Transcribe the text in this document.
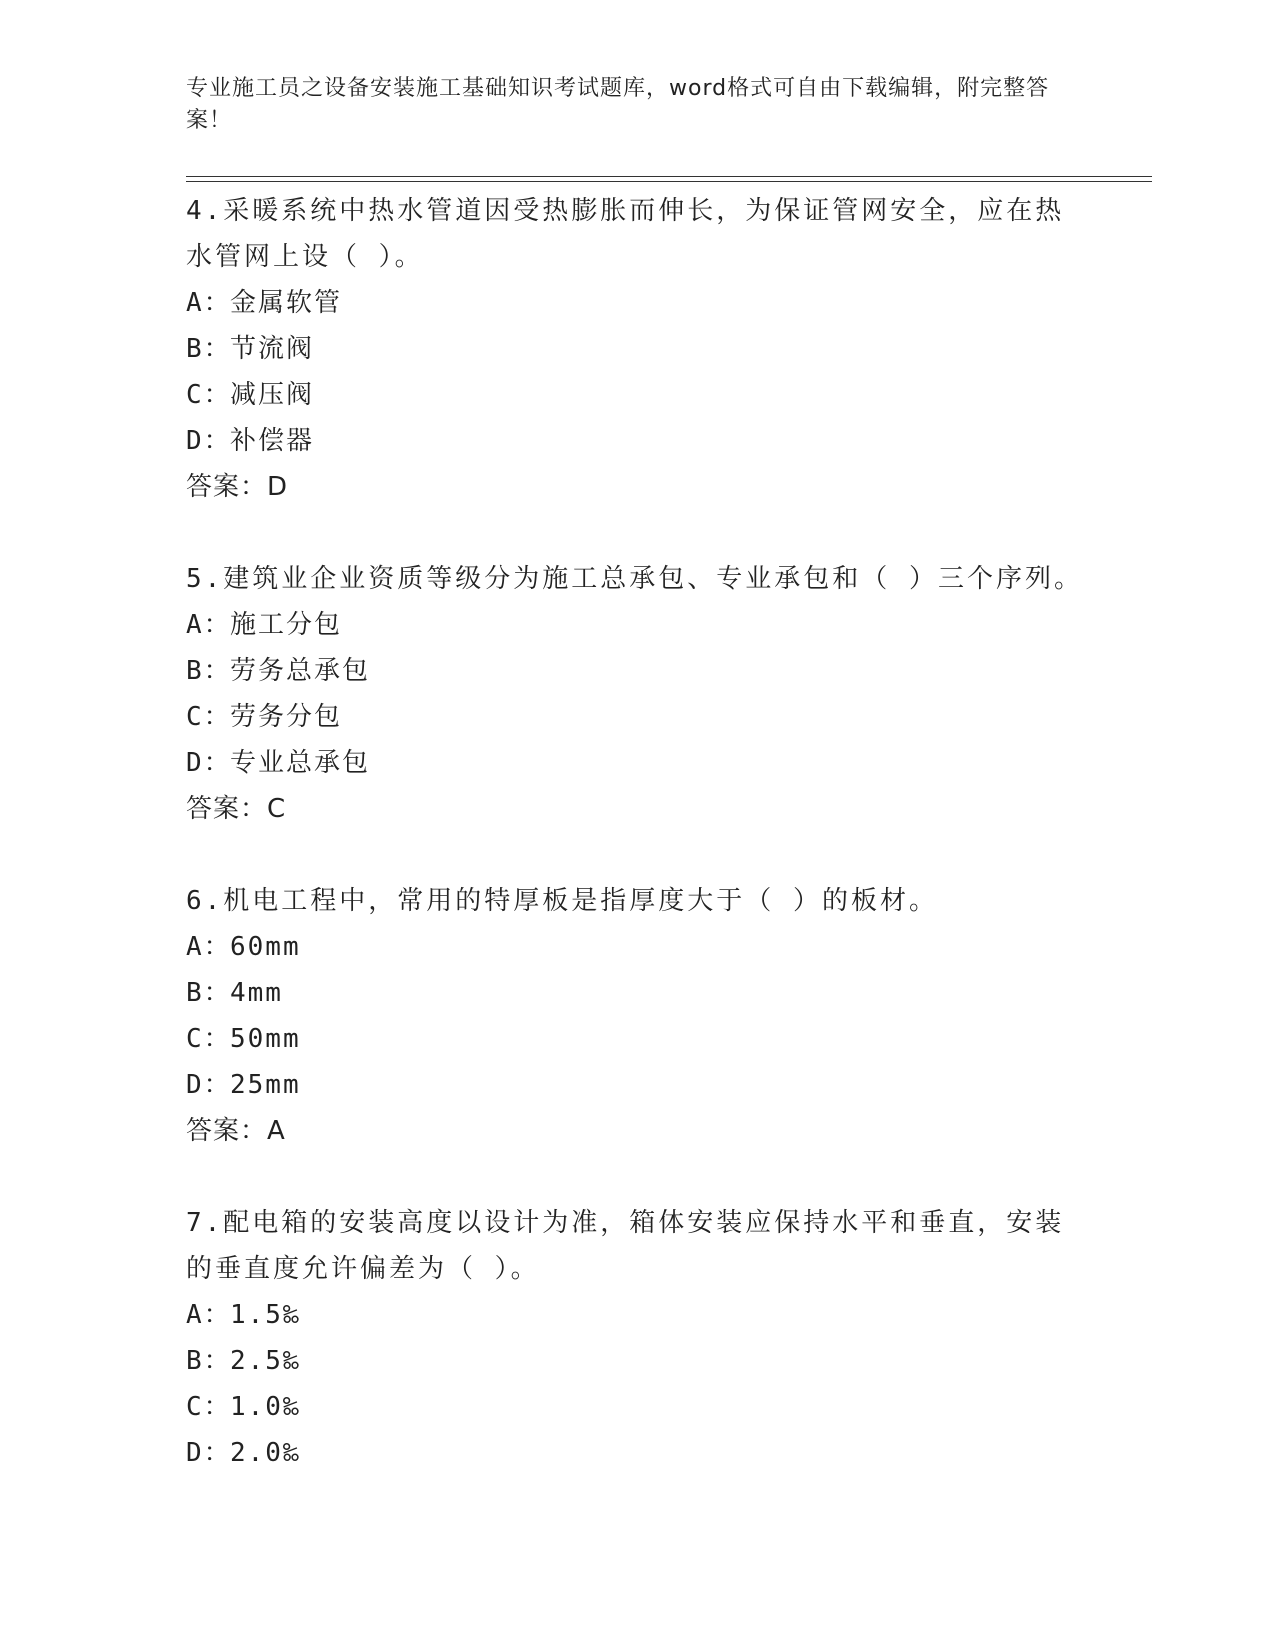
专业施工员之设备安装施工基础知识考试题库，word格式可自由下载编辑，附完整答案！

4.采暖系统中热水管道因受热膨胀而伸长，为保证管网安全，应在热水管网上设（ ）。

A：
金属软管

B：
节流阀

C：
减压阀

D：
补偿器

答案：D

5.建筑业企业资质等级分为施工总承包、专业承包和（ ）三个序列。

A：
施工分包

B：
劳务总承包

C：
劳务分包

D：
专业总承包

答案：C

6.机电工程中，常用的特厚板是指厚度大于（ ）的板材。

A：
60mm

B：
4mm

C：
50mm

D：
25mm

答案：A

7.配电箱的安装高度以设计为准，箱体安装应保持水平和垂直，安装的垂直度允许偏差为（ ）。

A：
1.5‰

B：
2.5‰

C：
1.0‰

D：
2.0‰
